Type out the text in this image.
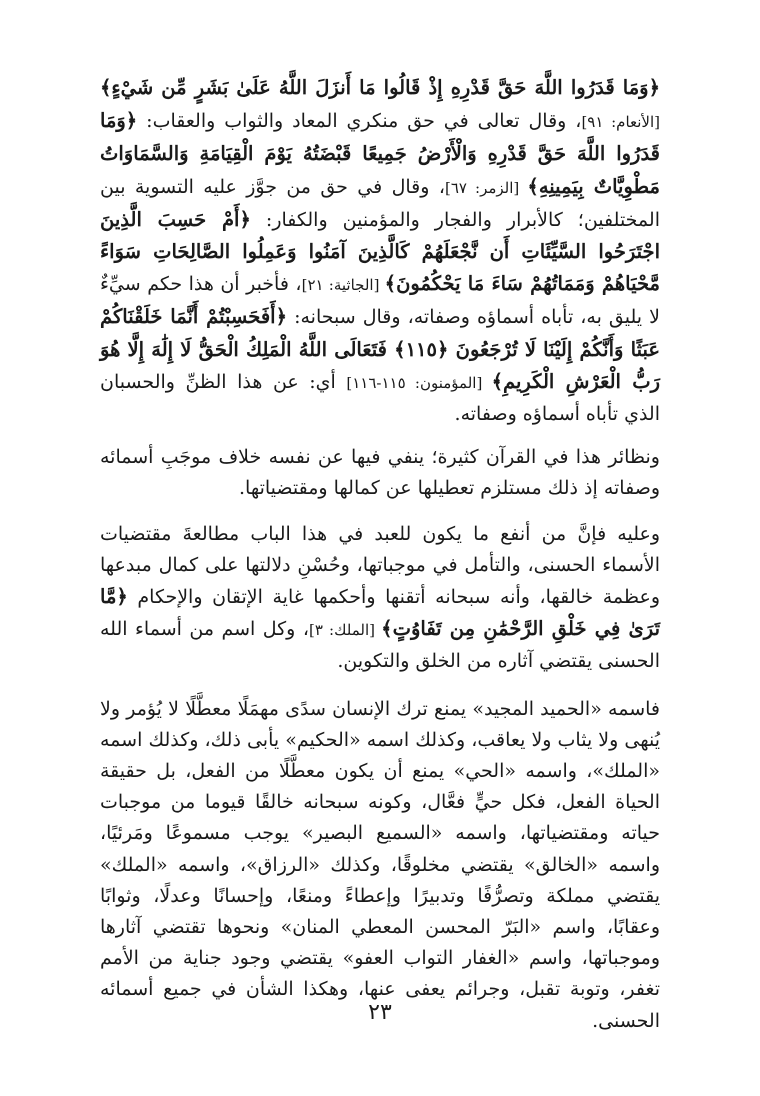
﴿وَمَا قَدَرُوا اللَّهَ حَقَّ قَدْرِهِ إِذْ قَالُوا مَا أَنزَلَ اللَّهُ عَلَىٰ بَشَرٍ مِّن شَيْءٍ﴾ [الأنعام: ٩١]، وقال تعالى في حق منكري المعاد والثواب والعقاب: ﴿وَمَا قَدَرُوا اللَّهَ حَقَّ قَدْرِهِ وَالْأَرْضُ جَمِيعًا قَبْضَتُهُ يَوْمَ الْقِيَامَةِ وَالسَّمَاوَاتُ مَطْوِيَّاتٌ بِيَمِينِهِ﴾ [الزمر: ٦٧]، وقال في حق من جوَّز عليه التسوية بين المختلفين؛ كالأبرار والفجار والمؤمنين والكفار: ﴿أَمْ حَسِبَ الَّذِينَ اجْتَرَحُوا السَّيِّئَاتِ أَن نَّجْعَلَهُمْ كَالَّذِينَ آمَنُوا وَعَمِلُوا الصَّالِحَاتِ سَوَاءً مَّحْيَاهُمْ وَمَمَاتُهُمْ سَاءَ مَا يَحْكُمُونَ﴾ [الجاثية: ٢١]، فأخبر أن هذا حكم سيِّءٌ لا يليق به، تأباه أسماؤه وصفاته، وقال سبحانه: ﴿أَفَحَسِبْتُمْ أَنَّمَا خَلَقْنَاكُمْ عَبَثًا وَأَنَّكُمْ إِلَيْنَا لَا تُرْجَعُونَ ﴿١١٥﴾ فَتَعَالَى اللَّهُ الْمَلِكُ الْحَقُّ لَا إِلَٰهَ إِلَّا هُوَ رَبُّ الْعَرْشِ الْكَرِيمِ﴾ [المؤمنون: ١١٥-١١٦] أي: عن هذا الظنِّ والحسبان الذي تأباه أسماؤه وصفاته.

ونظائر هذا في القرآن كثيرة؛ ينفي فيها عن نفسه خلاف موجَبِ أسمائه وصفاته إذ ذلك مستلزم تعطيلها عن كمالها ومقتضياتها.

وعليه فإنَّ من أنفع ما يكون للعبد في هذا الباب مطالعةَ مقتضيات الأسماء الحسنى، والتأمل في موجباتها، وحُسْنِ دلالتها على كمال مبدعها وعظمة خالقها، وأنه سبحانه أتقنها وأحكمها غاية الإتقان والإحكام ﴿مَّا تَرَىٰ فِي خَلْقِ الرَّحْمَٰنِ مِن تَفَاوُتٍ﴾ [الملك: ٣]، وكل اسم من أسماء الله الحسنى يقتضي آثاره من الخلق والتكوين.

فاسمه «الحميد المجيد» يمنع ترك الإنسان سدًى مهمَلًا معطَّلًا لا يُؤمر ولا يُنهى ولا يثاب ولا يعاقب، وكذلك اسمه «الحكيم» يأبى ذلك، وكذلك اسمه «الملك»، واسمه «الحي» يمنع أن يكون معطَّلًا من الفعل، بل حقيقة الحياة الفعل، فكل حيٍّ فعَّال، وكونه سبحانه خالقًا قيوما من موجبات حياته ومقتضياتها، واسمه «السميع البصير» يوجب مسموعًا ومَرئيًا، واسمه «الخالق» يقتضي مخلوقًا، وكذلك «الرزاق»، واسمه «الملك» يقتضي مملكة وتصرُّفًا وتدبيرًا وإعطاءً ومنعًا، وإحسانًا وعدلًا، وثوابًا وعقابًا، واسم «البَرّ المحسن المعطي المنان» ونحوها تقتضي آثارها وموجباتها، واسم «الغفار التواب العفو» يقتضي وجود جناية من الأمم تغفر، وتوبة تقبل، وجرائم يعفى عنها، وهكذا الشأن في جميع أسمائه الحسنى.

٢٣
